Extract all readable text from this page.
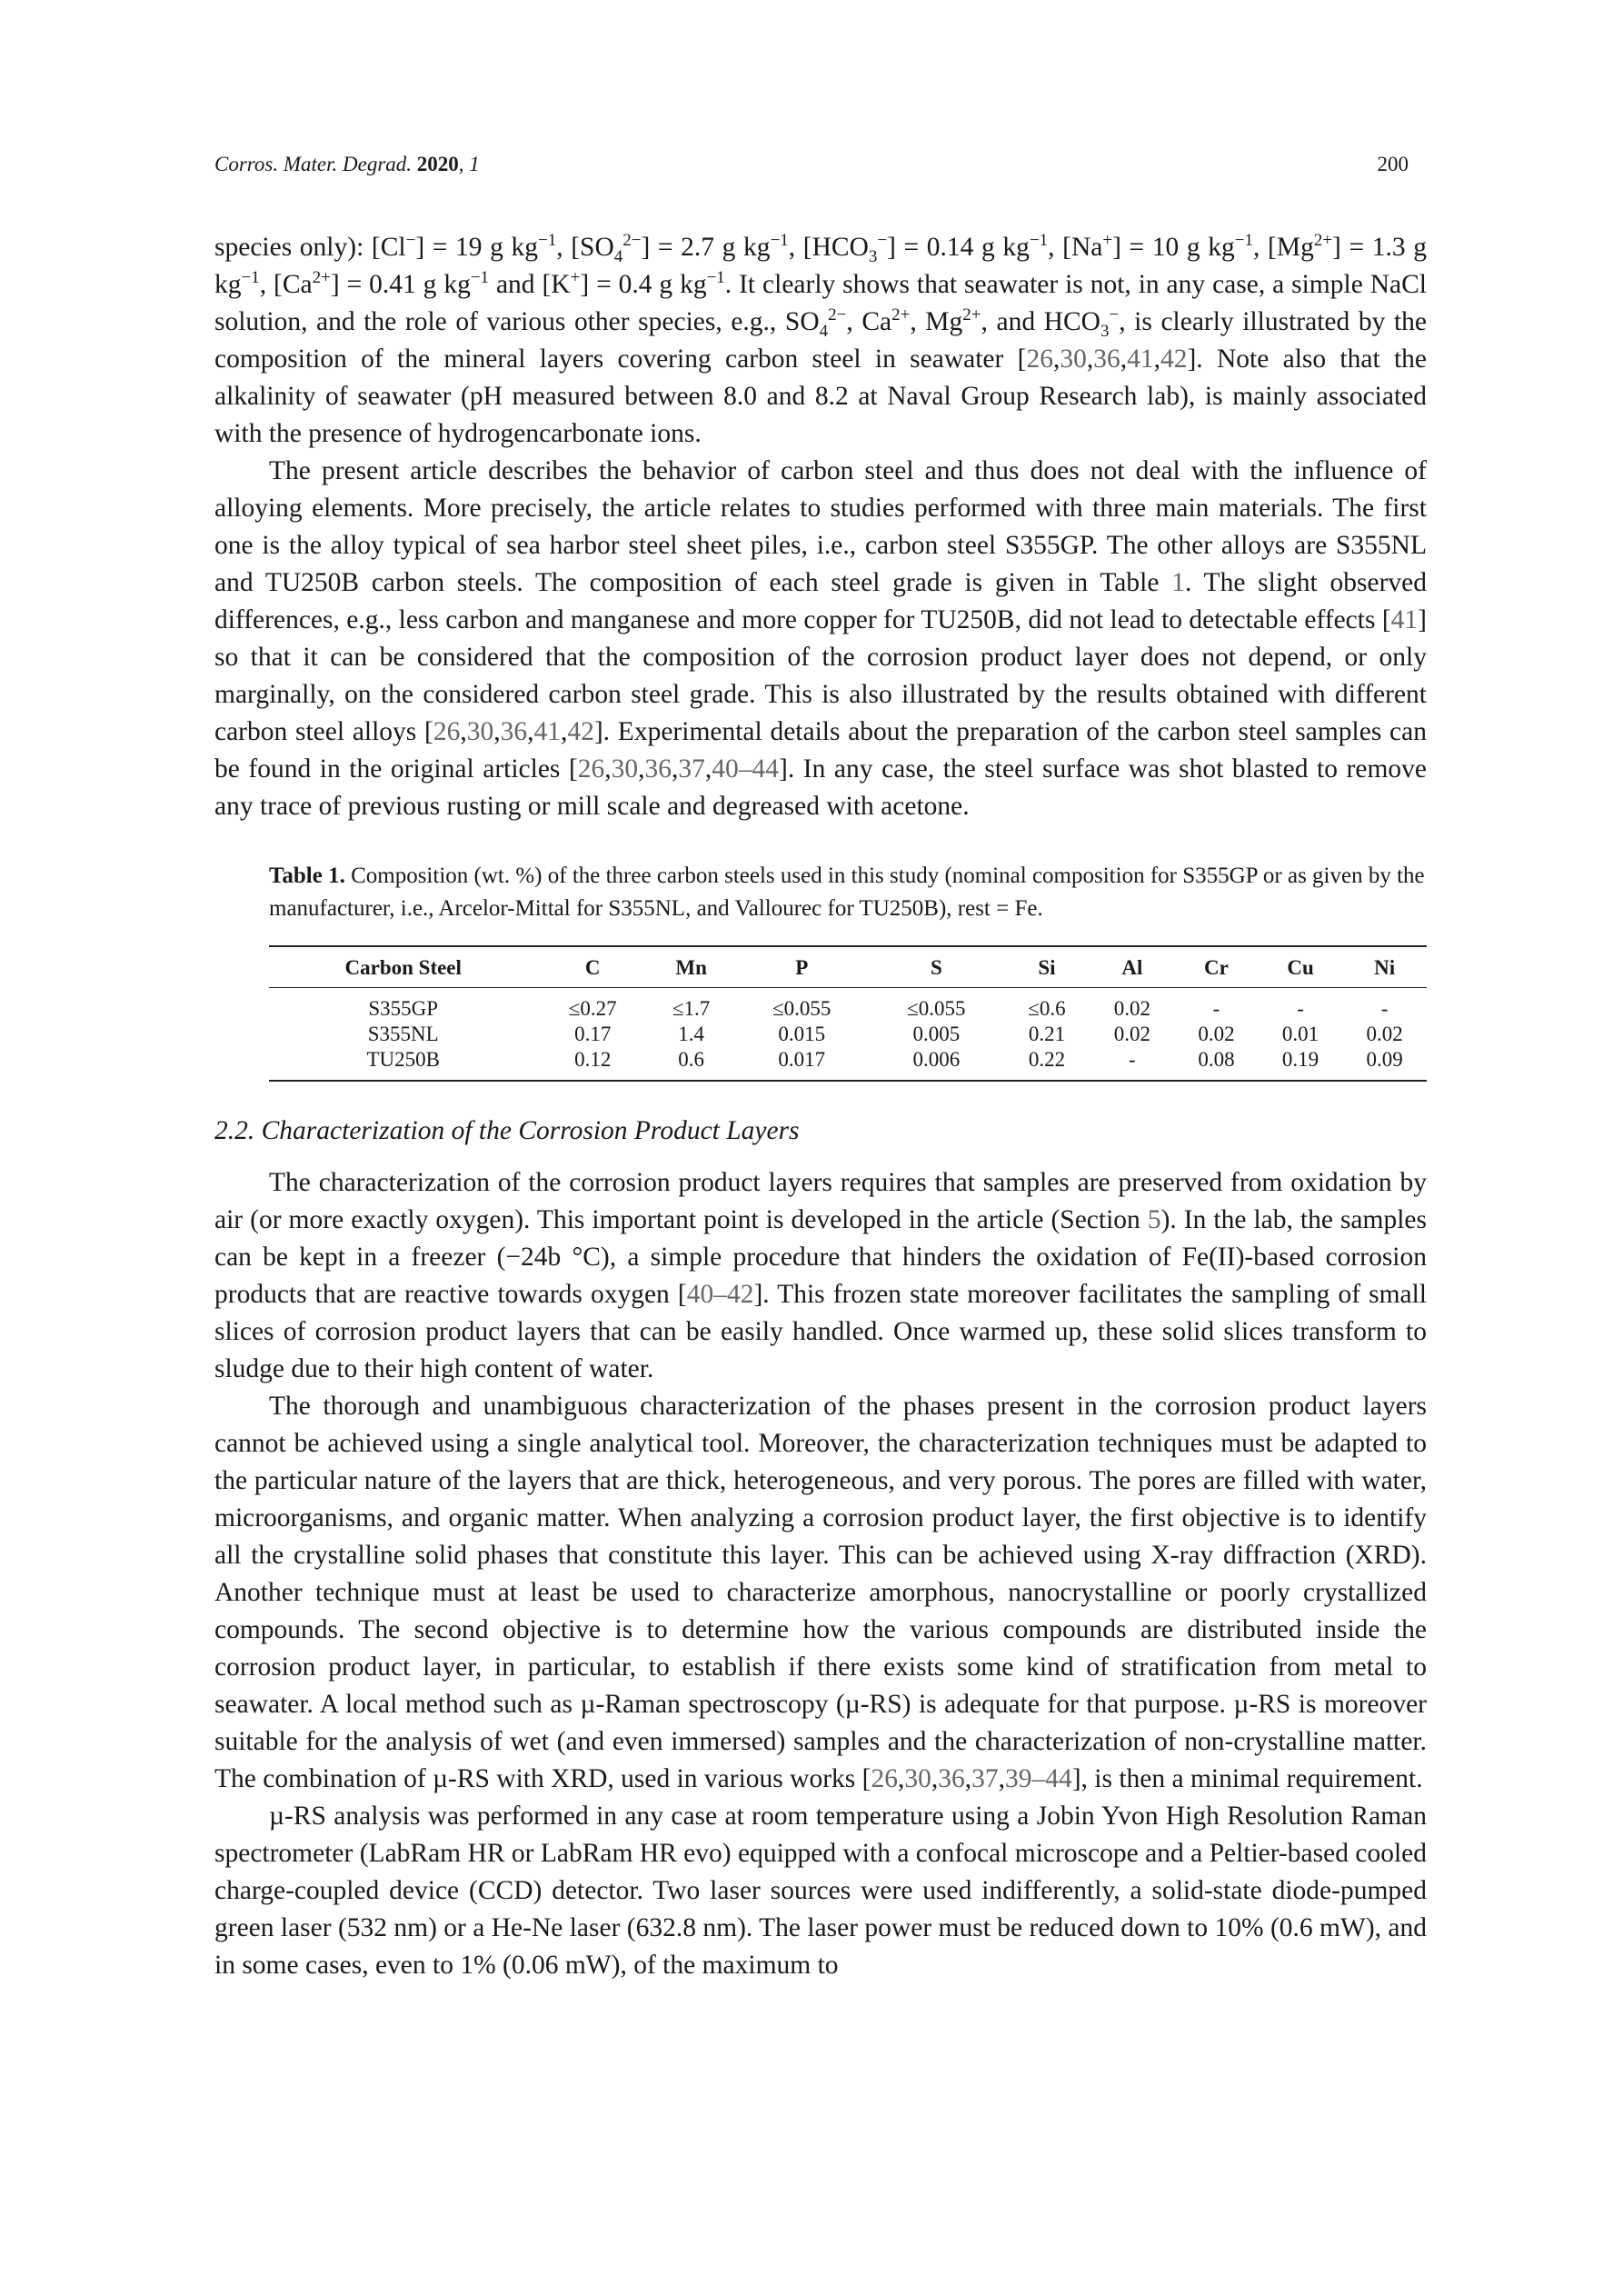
Corros. Mater. Degrad. 2020, 1	200

species only): [Cl−] = 19 g $kg^{-1}$, $[SO_4^{2-}] = 2.7$ g $kg^{-1}$, $[HCO_3^-] = 0.14$ g $kg^{-1}$, [Na+] = 10 g $kg^{-1}$, $[Mg^{2+}] = 1.3$ g $kg^{-1}$, $[Ca^{2+}] = 0.41$ g $kg^{-1}$ and [K+] = 0.4 g $kg^{-1}$. It clearly shows that seawater is not, in any case, a simple NaCl solution, and the role of various other species, e.g., $SO_4^{2-}$, $Ca^{2+}$, $Mg^{2+}$, and $HCO_3^-$, is clearly illustrated by the composition of the mineral layers covering carbon steel in seawater [26,30,36,41,42]. Note also that the alkalinity of seawater (pH measured between 8.0 and 8.2 at Naval Group Research lab), is mainly associated with the presence of hydrogencarbonate ions.

The present article describes the behavior of carbon steel and thus does not deal with the influence of alloying elements. More precisely, the article relates to studies performed with three main materials. The first one is the alloy typical of sea harbor steel sheet piles, i.e., carbon steel S355GP. The other alloys are S355NL and TU250B carbon steels. The composition of each steel grade is given in Table 1. The slight observed differences, e.g., less carbon and manganese and more copper for TU250B, did not lead to detectable effects [41] so that it can be considered that the composition of the corrosion product layer does not depend, or only marginally, on the considered carbon steel grade. This is also illustrated by the results obtained with different carbon steel alloys [26,30,36,41,42]. Experimental details about the preparation of the carbon steel samples can be found in the original articles [26,30,36,37,40–44]. In any case, the steel surface was shot blasted to remove any trace of previous rusting or mill scale and degreased with acetone.

Table 1. Composition (wt. %) of the three carbon steels used in this study (nominal composition for S355GP or as given by the manufacturer, i.e., Arcelor-Mittal for S355NL, and Vallourec for TU250B), rest = Fe.

Carbon Steel	C	Mn	P	S	Si	Al	Cr	Cu	Ni
S355GP	≤0.27	≤1.7	≤0.055	≤0.055	≤0.6	0.02	-	-	-
S355NL	0.17	1.4	0.015	0.005	0.21	0.02	0.02	0.01	0.02
TU250B	0.12	0.6	0.017	0.006	0.22	-	0.08	0.19	0.09
2.2. Characterization of the Corrosion Product Layers

The characterization of the corrosion product layers requires that samples are preserved from oxidation by air (or more exactly oxygen). This important point is developed in the article (Section 5). In the lab, the samples can be kept in a freezer (−24b °C), a simple procedure that hinders the oxidation of Fe(II)-based corrosion products that are reactive towards oxygen [40–42]. This frozen state moreover facilitates the sampling of small slices of corrosion product layers that can be easily handled. Once warmed up, these solid slices transform to sludge due to their high content of water.

The thorough and unambiguous characterization of the phases present in the corrosion product layers cannot be achieved using a single analytical tool. Moreover, the characterization techniques must be adapted to the particular nature of the layers that are thick, heterogeneous, and very porous. The pores are filled with water, microorganisms, and organic matter. When analyzing a corrosion product layer, the first objective is to identify all the crystalline solid phases that constitute this layer. This can be achieved using X-ray diffraction (XRD). Another technique must at least be used to characterize amorphous, nanocrystalline or poorly crystallized compounds. The second objective is to determine how the various compounds are distributed inside the corrosion product layer, in particular, to establish if there exists some kind of stratification from metal to seawater. A local method such as µ-Raman spectroscopy (µ-RS) is adequate for that purpose. µ-RS is moreover suitable for the analysis of wet (and even immersed) samples and the characterization of non-crystalline matter. The combination of µ-RS with XRD, used in various works [26,30,36,37,39–44], is then a minimal requirement.

µ-RS analysis was performed in any case at room temperature using a Jobin Yvon High Resolution Raman spectrometer (LabRam HR or LabRam HR evo) equipped with a confocal microscope and a Peltier-based cooled charge-coupled device (CCD) detector. Two laser sources were used indifferently, a solid-state diode-pumped green laser (532 nm) or a He-Ne laser (632.8 nm). The laser power must be reduced down to 10% (0.6 mW), and in some cases, even to 1% (0.06 mW), of the maximum to
